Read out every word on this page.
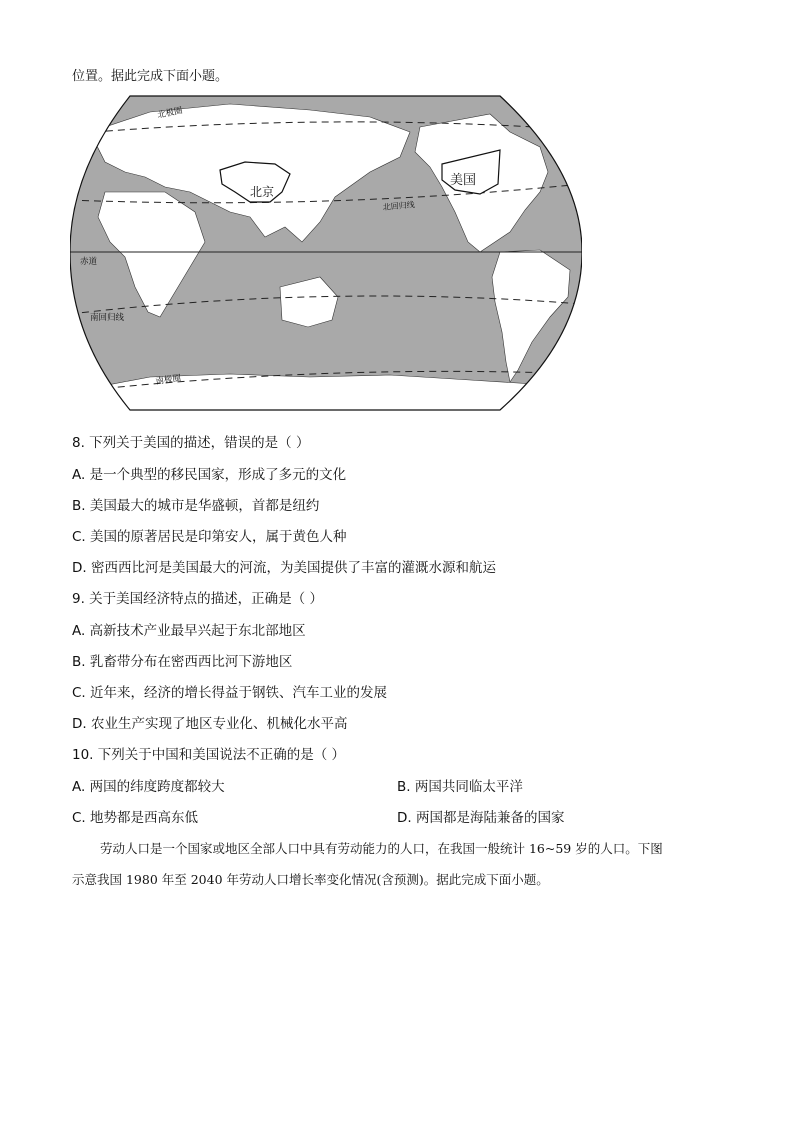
位置。据此完成下面小题。
北极圈
北京
美国
北回归线
赤道
南回归线
南极圈
8. 下列关于美国的描述，错误的是（ ）
A. 是一个典型的移民国家，形成了多元的文化
B. 美国最大的城市是华盛顿，首都是纽约
C. 美国的原著居民是印第安人，属于黄色人种
D. 密西西比河是美国最大的河流，为美国提供了丰富的灌溉水源和航运
9. 关于美国经济特点的描述，正确是（ ）
A. 高新技术产业最早兴起于东北部地区
B. 乳畜带分布在密西西比河下游地区
C. 近年来，经济的增长得益于钢铁、汽车工业的发展
D. 农业生产实现了地区专业化、机械化水平高
10. 下列关于中国和美国说法不正确的是（ ）
A. 两国的纬度跨度都较大	B. 两国共同临太平洋
C. 地势都是西高东低	D. 两国都是海陆兼备的国家
劳动人口是一个国家或地区全部人口中具有劳动能力的人口，在我国一般统计 16~59 岁的人口。下图
示意我国 1980 年至 2040 年劳动人口增长率变化情况(含预测)。据此完成下面小题。
